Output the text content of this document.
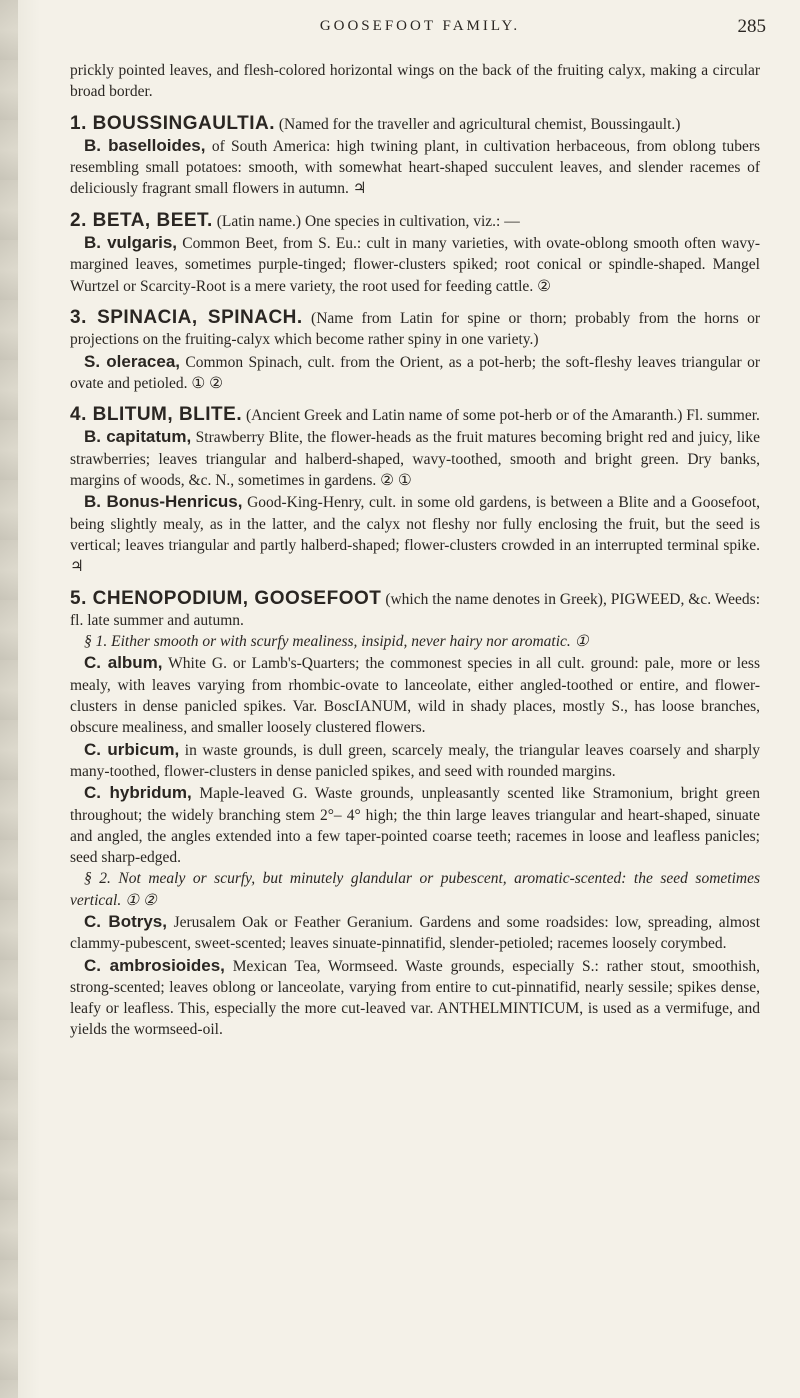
GOOSEFOOT FAMILY.	285

prickly pointed leaves, and flesh-colored horizontal wings on the back of the fruiting calyx, making a circular broad border.

1. BOUSSINGAULTIA. (Named for the traveller and agricultural chemist, Boussingault.)

B. baselloides, of South America: high twining plant, in cultivation herbaceous, from oblong tubers resembling small potatoes: smooth, with somewhat heart-shaped succulent leaves, and slender racemes of deliciously fragrant small flowers in autumn. ♃

2. BETA, BEET. (Latin name.) One species in cultivation, viz.: —

B. vulgaris, Common Beet, from S. Eu.: cult in many varieties, with ovate-oblong smooth often wavy-margined leaves, sometimes purple-tinged; flower-clusters spiked; root conical or spindle-shaped. Mangel Wurtzel or Scarcity-Root is a mere variety, the root used for feeding cattle. ②

3. SPINACIA, SPINACH. (Name from Latin for spine or thorn; probably from the horns or projections on the fruiting-calyx which become rather spiny in one variety.)

S. oleracea, Common Spinach, cult. from the Orient, as a pot-herb; the soft-fleshy leaves triangular or ovate and petioled. ① ②

4. BLITUM, BLITE. (Ancient Greek and Latin name of some pot-herb or of the Amaranth.) Fl. summer.

B. capitatum, Strawberry Blite, the flower-heads as the fruit matures becoming bright red and juicy, like strawberries; leaves triangular and halberd-shaped, wavy-toothed, smooth and bright green. Dry banks, margins of woods, &c. N., sometimes in gardens. ② ①

B. Bonus-Henricus, Good-King-Henry, cult. in some old gardens, is between a Blite and a Goosefoot, being slightly mealy, as in the latter, and the calyx not fleshy nor fully enclosing the fruit, but the seed is vertical; leaves triangular and partly halberd-shaped; flower-clusters crowded in an interrupted terminal spike. ♃

5. CHENOPODIUM, GOOSEFOOT (which the name denotes in Greek), PIGWEED, &c. Weeds: fl. late summer and autumn.

§ 1. Either smooth or with scurfy mealiness, insipid, never hairy nor aromatic. ①

C. album, White G. or Lamb's-Quarters; the commonest species in all cult. ground: pale, more or less mealy, with leaves varying from rhombic-ovate to lanceolate, either angled-toothed or entire, and flower-clusters in dense panicled spikes. Var. BoscIANUM, wild in shady places, mostly S., has loose branches, obscure mealiness, and smaller loosely clustered flowers.

C. urbicum, in waste grounds, is dull green, scarcely mealy, the triangular leaves coarsely and sharply many-toothed, flower-clusters in dense panicled spikes, and seed with rounded margins.

C. hybridum, Maple-leaved G. Waste grounds, unpleasantly scented like Stramonium, bright green throughout; the widely branching stem 2°– 4° high; the thin large leaves triangular and heart-shaped, sinuate and angled, the angles extended into a few taper-pointed coarse teeth; racemes in loose and leafless panicles; seed sharp-edged.

§ 2. Not mealy or scurfy, but minutely glandular or pubescent, aromatic-scented: the seed sometimes vertical. ① ②

C. Botrys, Jerusalem Oak or Feather Geranium. Gardens and some roadsides: low, spreading, almost clammy-pubescent, sweet-scented; leaves sinuate-pinnatifid, slender-petioled; racemes loosely corymbed.

C. ambrosioides, Mexican Tea, Wormseed. Waste grounds, especially S.: rather stout, smoothish, strong-scented; leaves oblong or lanceolate, varying from entire to cut-pinnatifid, nearly sessile; spikes dense, leafy or leafless. This, especially the more cut-leaved var. ANTHELMINTICUM, is used as a vermifuge, and yields the wormseed-oil.
